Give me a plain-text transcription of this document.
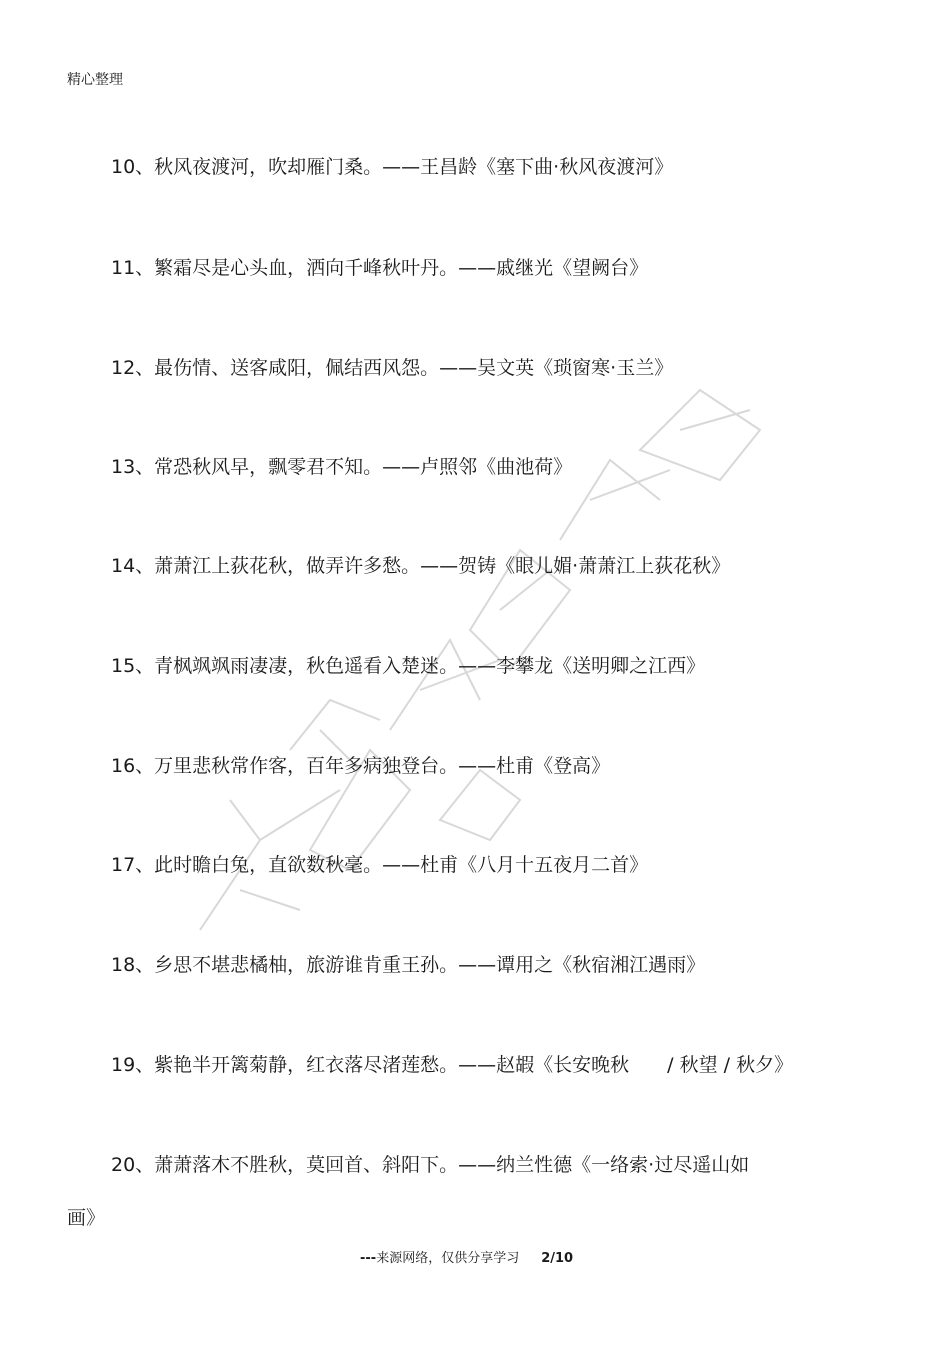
精心整理
10、秋风夜渡河，吹却雁门桑。——王昌龄《塞下曲·秋风夜渡河》
11、繁霜尽是心头血，洒向千峰秋叶丹。——戚继光《望阙台》
12、最伤情、送客咸阳，佩结西风怨。——吴文英《琐窗寒·玉兰》
13、常恐秋风早，飘零君不知。——卢照邻《曲池荷》
14、萧萧江上荻花秋，做弄许多愁。——贺铸《眼儿媚·萧萧江上荻花秋》
15、青枫飒飒雨凄凄，秋色遥看入楚迷。——李攀龙《送明卿之江西》
16、万里悲秋常作客，百年多病独登台。——杜甫《登高》
17、此时瞻白兔，直欲数秋毫。——杜甫《八月十五夜月二首》
18、乡思不堪悲橘柚，旅游谁肯重王孙。——谭用之《秋宿湘江遇雨》
19、紫艳半开篱菊静，红衣落尽渚莲愁。——赵嘏《长安晚秋　　/ 秋望 / 秋夕》
20、萧萧落木不胜秋，莫回首、斜阳下。——纳兰性德《一络索·过尽遥山如
画》
---来源网络，仅供分享学习 2/10
